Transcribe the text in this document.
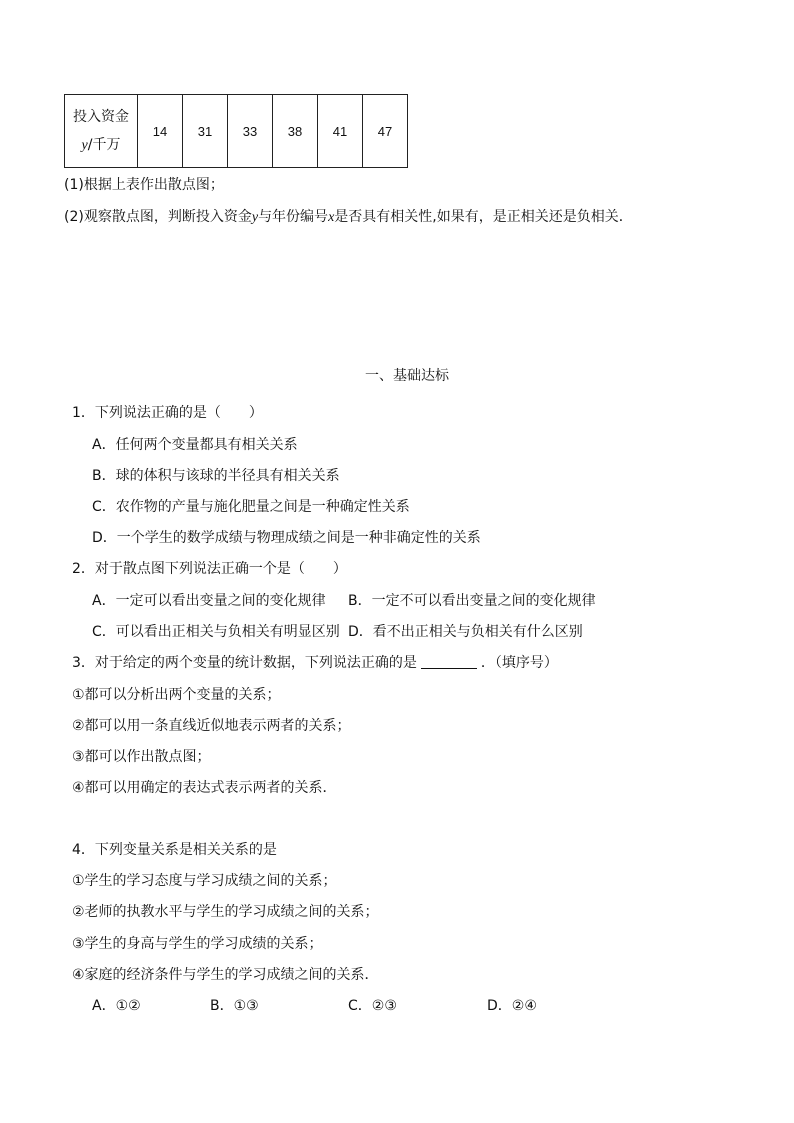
投入资金
y/千万
	14	31	33	38	41	47
(1)根据上表作出散点图；
(2)观察散点图，判断投入资金y与年份编号x是否具有相关性,如果有，是正相关还是负相关．
一、基础达标
1．下列说法正确的是（　　）
A．任何两个变量都具有相关关系
B．球的体积与该球的半径具有相关关系
C．农作物的产量与施化肥量之间是一种确定性关系
D．一个学生的数学成绩与物理成绩之间是一种非确定性的关系
2．对于散点图下列说法正确一个是（　　）
A．一定可以看出变量之间的变化规律 B．一定不可以看出变量之间的变化规律
C．可以看出正相关与负相关有明显区别 D．看不出正相关与负相关有什么区别
3．对于给定的两个变量的统计数据，下列说法正确的是	．（填序号）
①都可以分析出两个变量的关系；
②都可以用一条直线近似地表示两者的关系；
③都可以作出散点图；
④都可以用确定的表达式表示两者的关系．
4．下列变量关系是相关关系的是
①学生的学习态度与学习成绩之间的关系；
②老师的执教水平与学生的学习成绩之间的关系；
③学生的身高与学生的学习成绩的关系；
④家庭的经济条件与学生的学习成绩之间的关系．
A．①②	B．①③	C．②③	D．②④
